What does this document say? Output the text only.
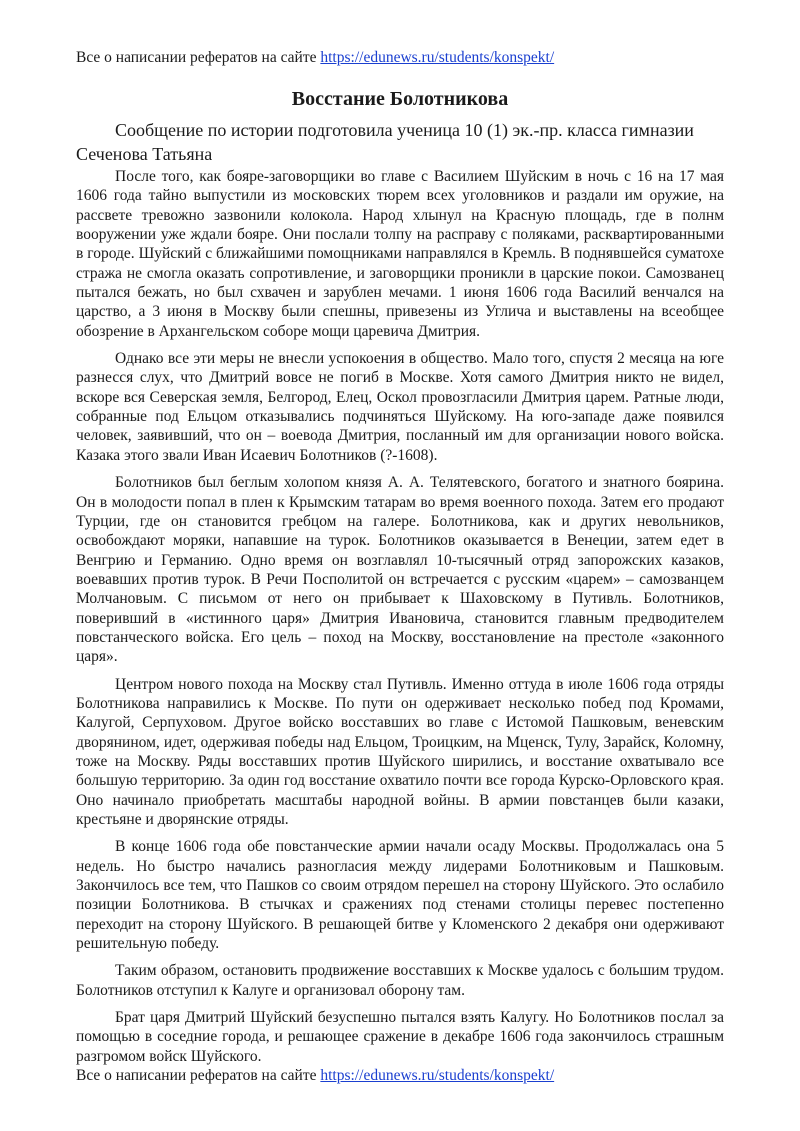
Все о написании рефератов на сайте https://edunews.ru/students/konspekt/
Восстание Болотникова
Сообщение по истории подготовила ученица 10 (1) эк.-пр. класса гимназии Сеченова Татьяна

После того, как бояре-заговорщики во главе с Василием Шуйским в ночь с 16 на 17 мая 1606 года тайно выпустили из московских тюрем всех уголовников и раздали им оружие, на рассвете тревожно зазвонили колокола. Народ хлынул на Красную площадь, где в полнм вооружении уже ждали бояре. Они послали толпу на расправу с поляками, расквартированными в городе. Шуйский с ближайшими помощниками направлялся в Кремль. В поднявшейся суматохе стража не смогла оказать сопротивление, и заговорщики проникли в царские покои. Самозванец пытался бежать, но был схвачен и зарублен мечами. 1 июня 1606 года Василий венчался на царство, а 3 июня в Москву были спешны, привезены из Углича и выставлены на всеобщее обозрение в Архангельском соборе мощи царевича Дмитрия.

Однако все эти меры не внесли успокоения в общество. Мало того, спустя 2 месяца на юге разнесся слух, что Дмитрий вовсе не погиб в Москве. Хотя самого Дмитрия никто не видел, вскоре вся Северская земля, Белгород, Елец, Оскол провозгласили Дмитрия царем. Ратные люди, собранные под Ельцом отказывались подчиняться Шуйскому. На юго-западе даже появился человек, заявивший, что он – воевода Дмитрия, посланный им для организации нового войска. Казака этого звали Иван Исаевич Болотников (?-1608).

Болотников был беглым холопом князя А. А. Телятевского, богатого и знатного боярина. Он в молодости попал в плен к Крымским татарам во время военного похода. Затем его продают Турции, где он становится гребцом на галере. Болотникова, как и других невольников, освобождают моряки, напавшие на турок. Болотников оказывается в Венеции, затем едет в Венгрию и Германию. Одно время он возглавлял 10-тысячный отряд запорожских казаков, воевавших против турок. В Речи Посполитой он встречается с русским «царем» – самозванцем Молчановым. С письмом от него он прибывает к Шаховскому в Путивль. Болотников, поверивший в «истинного царя» Дмитрия Ивановича, становится главным предводителем повстанческого войска. Его цель – поход на Москву, восстановление на престоле «законного царя».

Центром нового похода на Москву стал Путивль. Именно оттуда в июле 1606 года отряды Болотникова направились к Москве. По пути он одерживает несколько побед под Кромами, Калугой, Серпуховом. Другое войско восставших во главе с Истомой Пашковым, веневским дворянином, идет, одерживая победы над Ельцом, Троицким, на Мценск, Тулу, Зарайск, Коломну, тоже на Москву. Ряды восставших против Шуйского ширились, и восстание охватывало все большую территорию. За один год восстание охватило почти все города Курско-Орловского края. Оно начинало приобретать масштабы народной войны. В армии повстанцев были казаки, крестьяне и дворянские отряды.

В конце 1606 года обе повстанческие армии начали осаду Москвы. Продолжалась она 5 недель. Но быстро начались разногласия между лидерами Болотниковым и Пашковым. Закончилось все тем, что Пашков со своим отрядом перешел на сторону Шуйского. Это ослабило позиции Болотникова. В стычках и сражениях под стенами столицы перевес постепенно переходит на сторону Шуйского. В решающей битве у Кломенского 2 декабря они одерживают решительную победу.

Таким образом, остановить продвижение восставших к Москве удалось с большим трудом. Болотников отступил к Калуге и организовал оборону там.

Брат царя Дмитрий Шуйский безуспешно пытался взять Калугу. Но Болотников послал за помощью в соседние города, и решающее сражение в декабре 1606 года закончилось страшным разгромом войск Шуйского.

Все о написании рефератов на сайте https://edunews.ru/students/konspekt/
